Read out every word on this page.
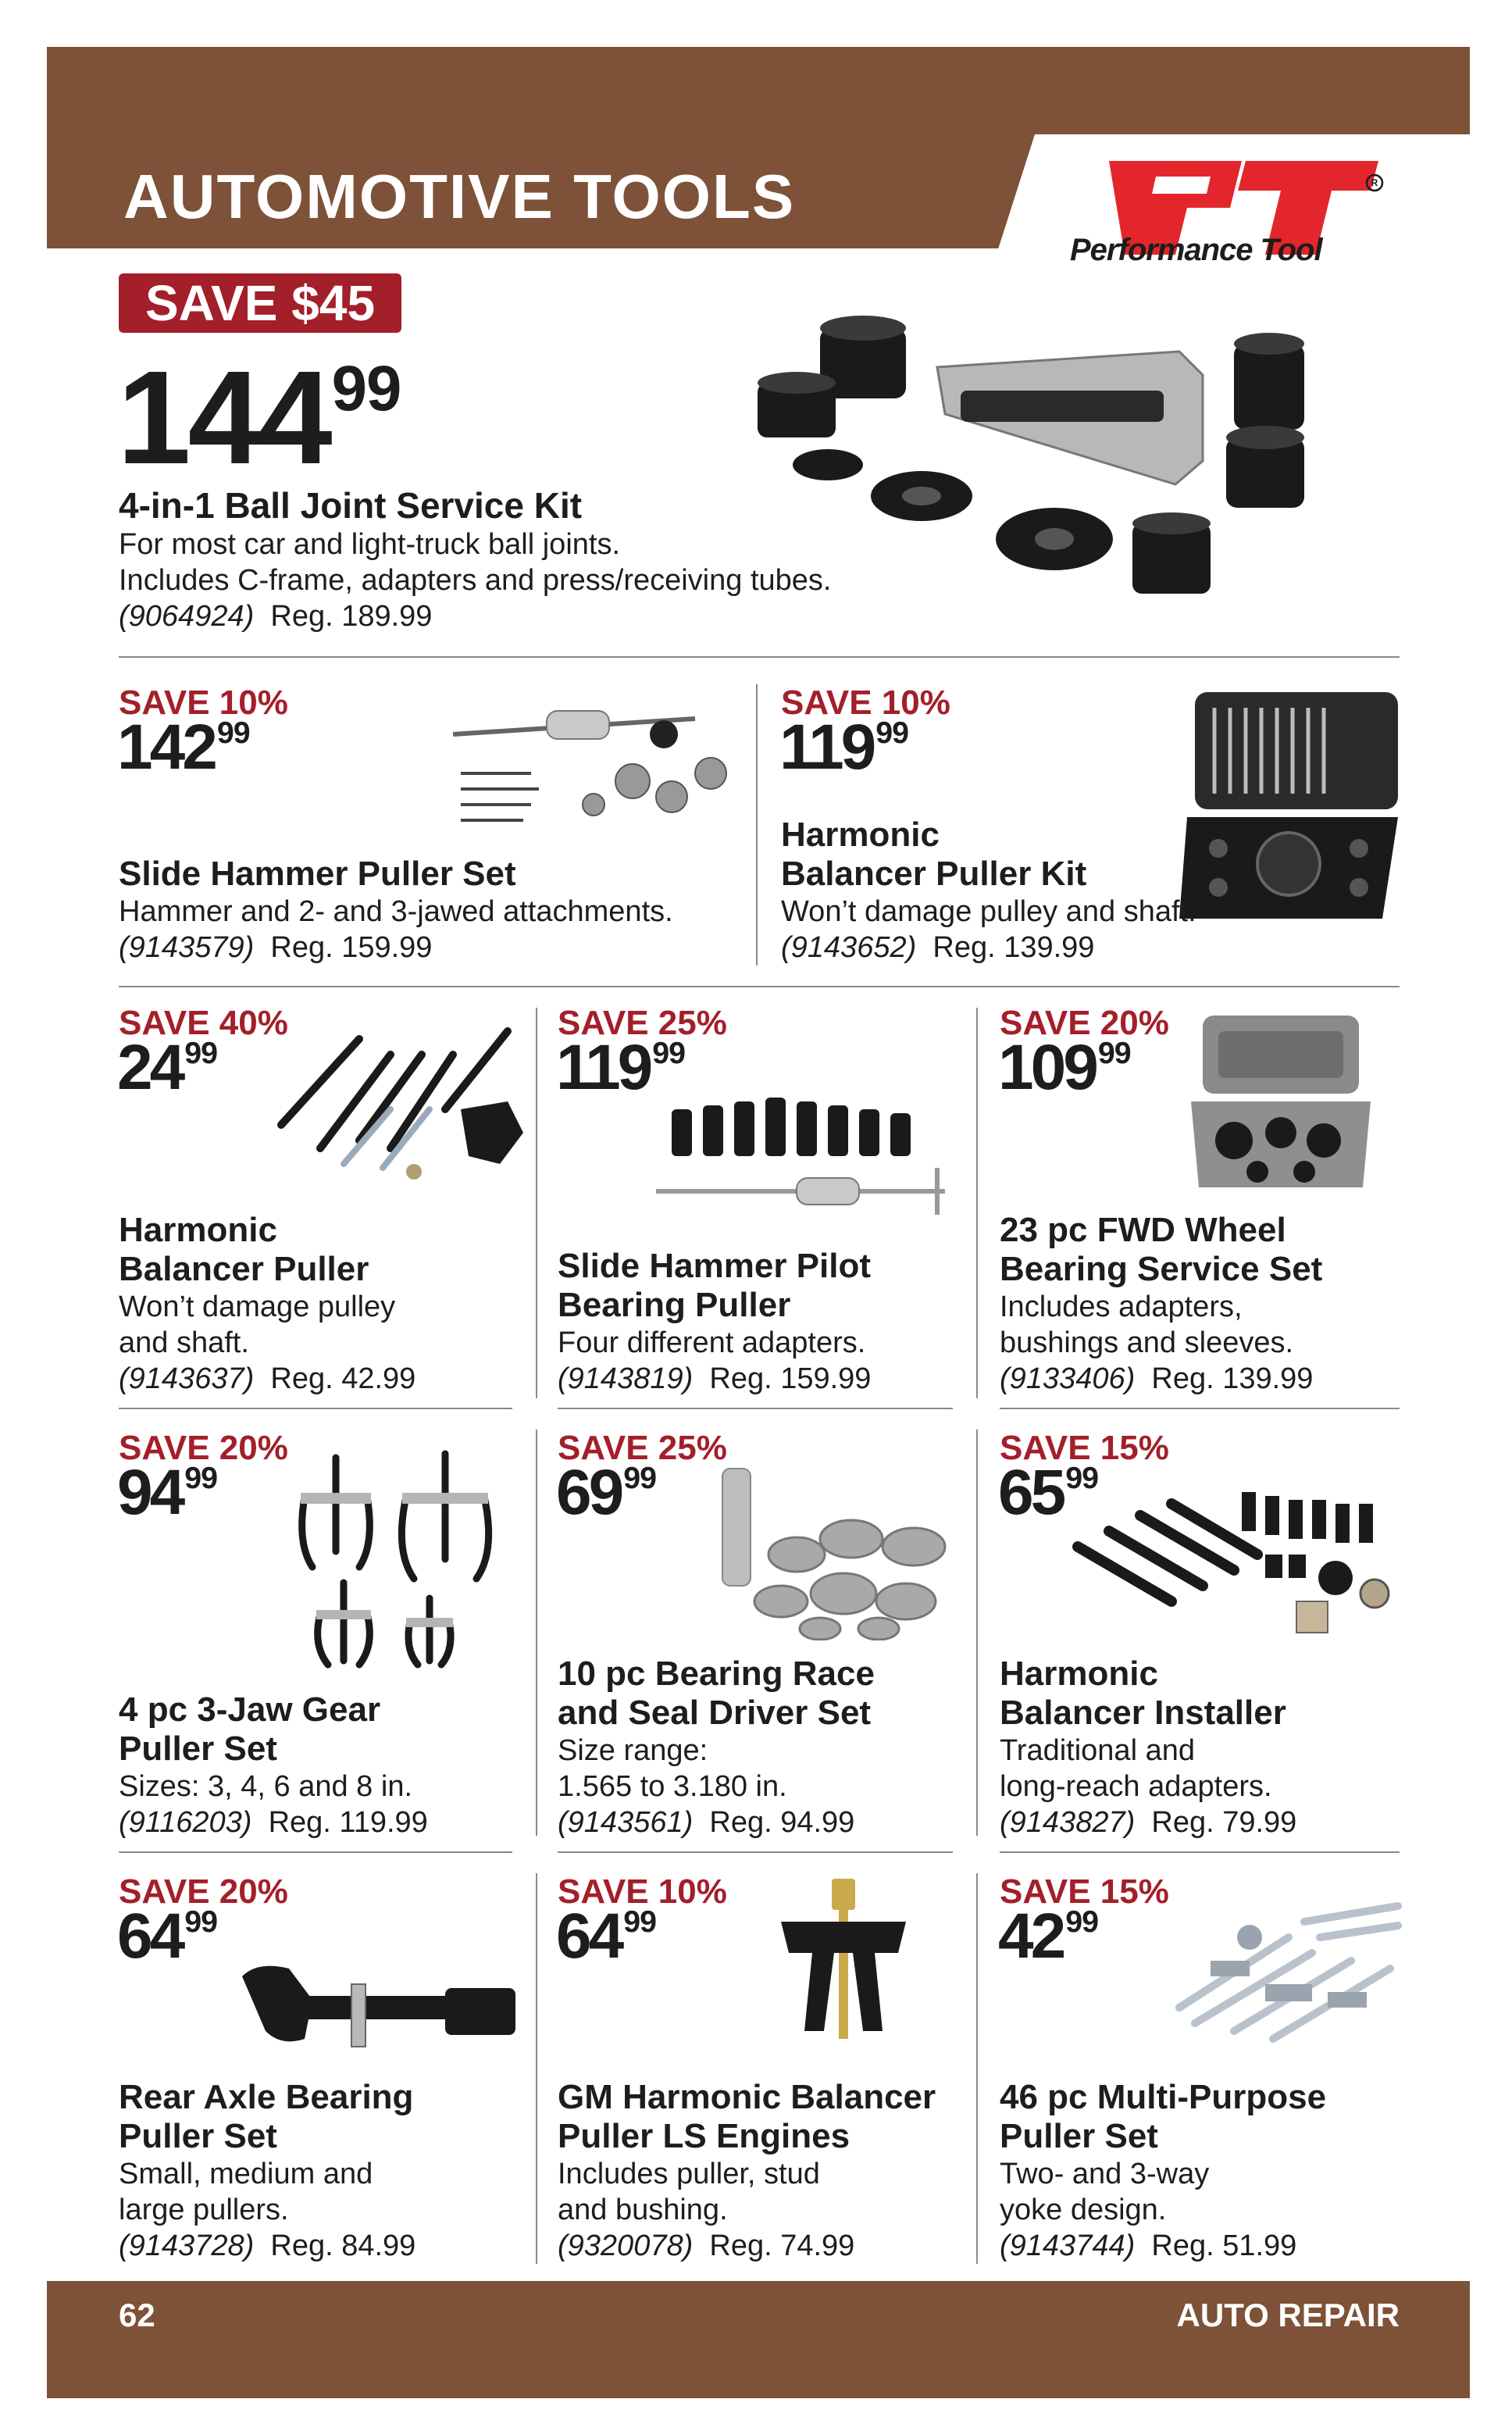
AUTOMOTIVE TOOLS	R
Performance Tool
SAVE $45
$144^{99}$
4-in-1 Ball Joint Service Kit
For most car and light-truck ball joints.
Includes C-frame, adapters and press/receiving tubes.
(9064924) Reg. 189.99
SAVE 10%
$142^{99}$
Slide Hammer Puller Set
Hammer and 2- and 3-jawed attachments.
(9143579) Reg. 159.99
SAVE 10%
$119^{99}$
Harmonic
Balancer Puller Kit
Won’t damage pulley and shaft.
(9143652) Reg. 139.99
SAVE 40%
$24^{99}$
Harmonic
Balancer Puller
Won’t damage pulley
and shaft.
(9143637) Reg. 42.99
SAVE 25%
$119^{99}$
Slide Hammer Pilot
Bearing Puller
Four different adapters.
(9143819) Reg. 159.99
SAVE 20%
$109^{99}$
23 pc FWD Wheel
Bearing Service Set
Includes adapters,
bushings and sleeves.
(9133406) Reg. 139.99
SAVE 20%
$94^{99}$
4 pc 3-Jaw Gear
Puller Set
Sizes: 3, 4, 6 and 8 in.
(9116203) Reg. 119.99
SAVE 25%
$69^{99}$
10 pc Bearing Race
and Seal Driver Set
Size range:
1.565 to 3.180 in.
(9143561) Reg. 94.99
SAVE 15%
$65^{99}$
Harmonic
Balancer Installer
Traditional and
long-reach adapters.
(9143827) Reg. 79.99
SAVE 20%
$64^{99}$
Rear Axle Bearing
Puller Set
Small, medium and
large pullers.
(9143728) Reg. 84.99
SAVE 10%
$64^{99}$
GM Harmonic Balancer
Puller LS Engines
Includes puller, stud
and bushing.
(9320078) Reg. 74.99
SAVE 15%
$42^{99}$
46 pc Multi-Purpose
Puller Set
Two- and 3-way
yoke design.
(9143744) Reg. 51.99
62	AUTO REPAIR
